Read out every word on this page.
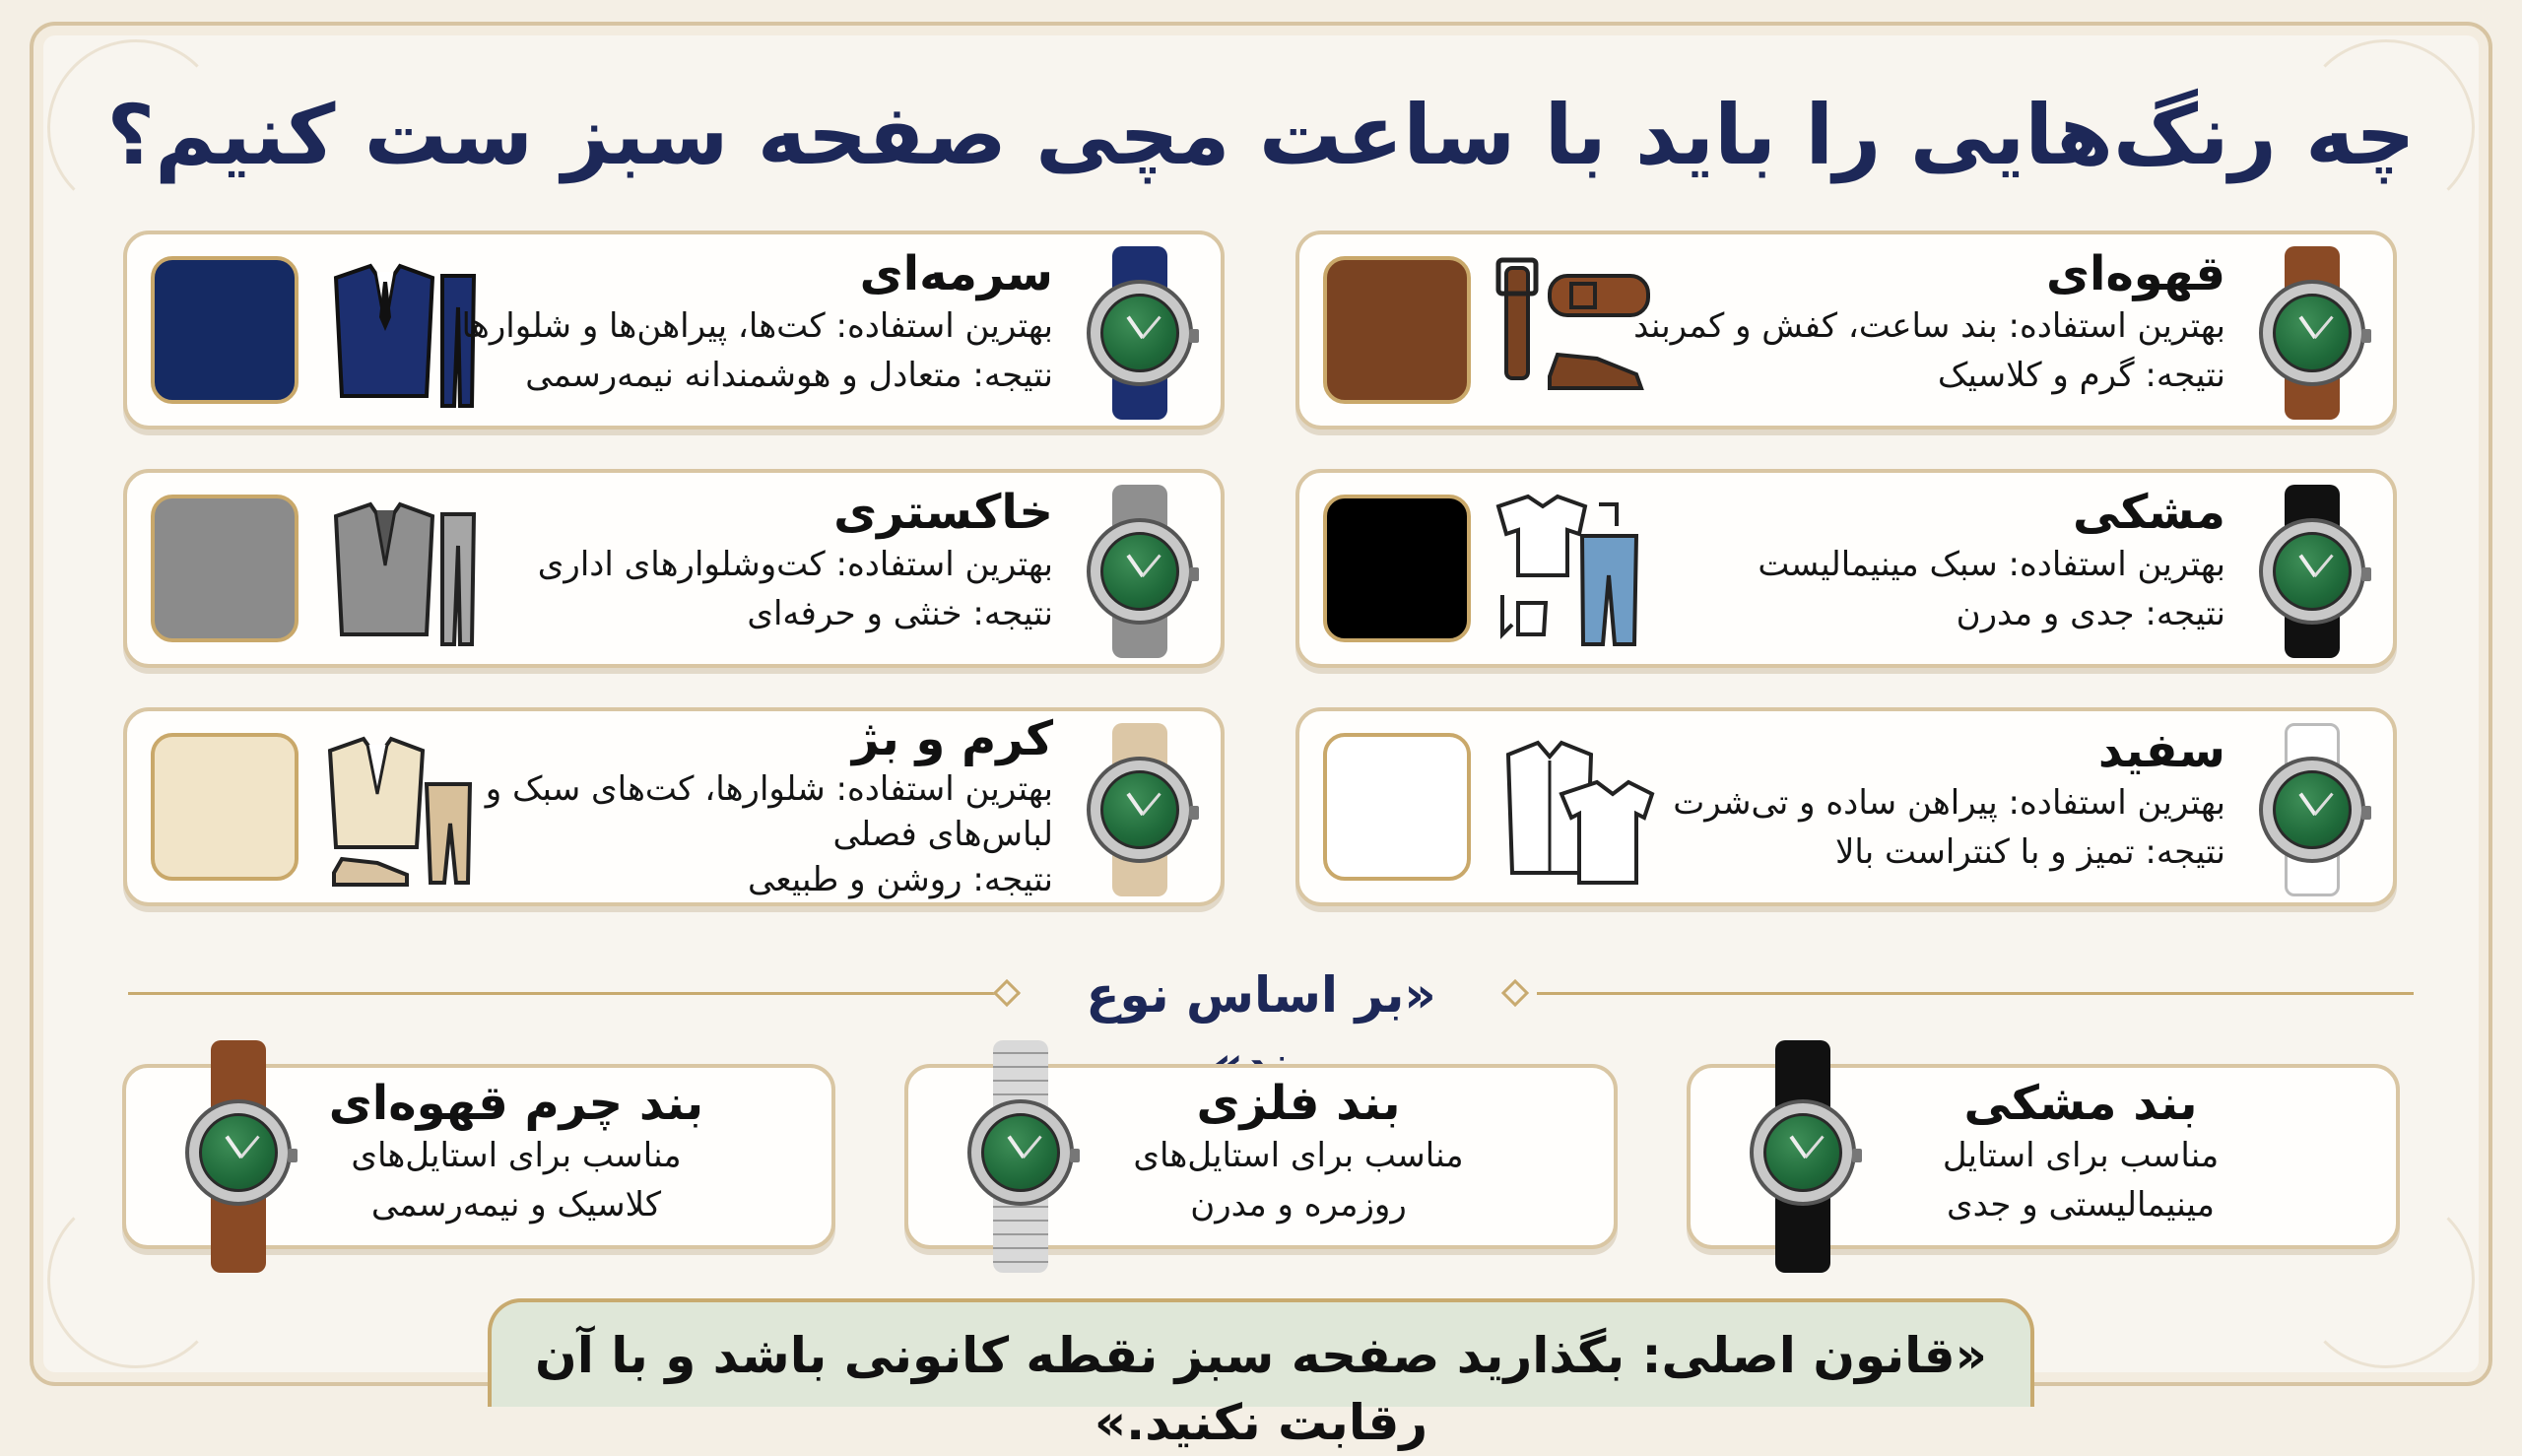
چه رنگ‌هایی را باید با ساعت مچی صفحه سبز ست کنیم؟
قهوه‌ای
بهترین استفاده: بند ساعت، کفش و کمربند
نتیجه: گرم و کلاسیک
سرمه‌ای
بهترین استفاده: کت‌ها، پیراهن‌ها و شلوارها
نتیجه: متعادل و هوشمندانه نیمه‌رسمی
مشکی
بهترین استفاده: سبک مینیمالیست
نتیجه: جدی و مدرن
خاکستری
بهترین استفاده: کت‌وشلوارهای اداری
نتیجه: خنثی و حرفه‌ای
سفید
بهترین استفاده: پیراهن ساده و تی‌شرت
نتیجه: تمیز و با کنتراست بالا
کرم و بژ
بهترین استفاده: شلوارها، کت‌های سبک و
لباس‌های فصلی
نتیجه: روشن و طبیعی
«بر اساس نوع
بند مشکی
مناسب برای استایل
مینیمالیستی و جدی
بند فلزی
مناسب برای استایل‌های
روزمره و مدرن
بند چرم قهوه‌ای
مناسب برای استایل‌های
کلاسیک و نیمه‌رسمی
«قانون اصلی: بگذارید صفحه سبز نقطه کانونی باشد و با آن رقابت نکنید.»
